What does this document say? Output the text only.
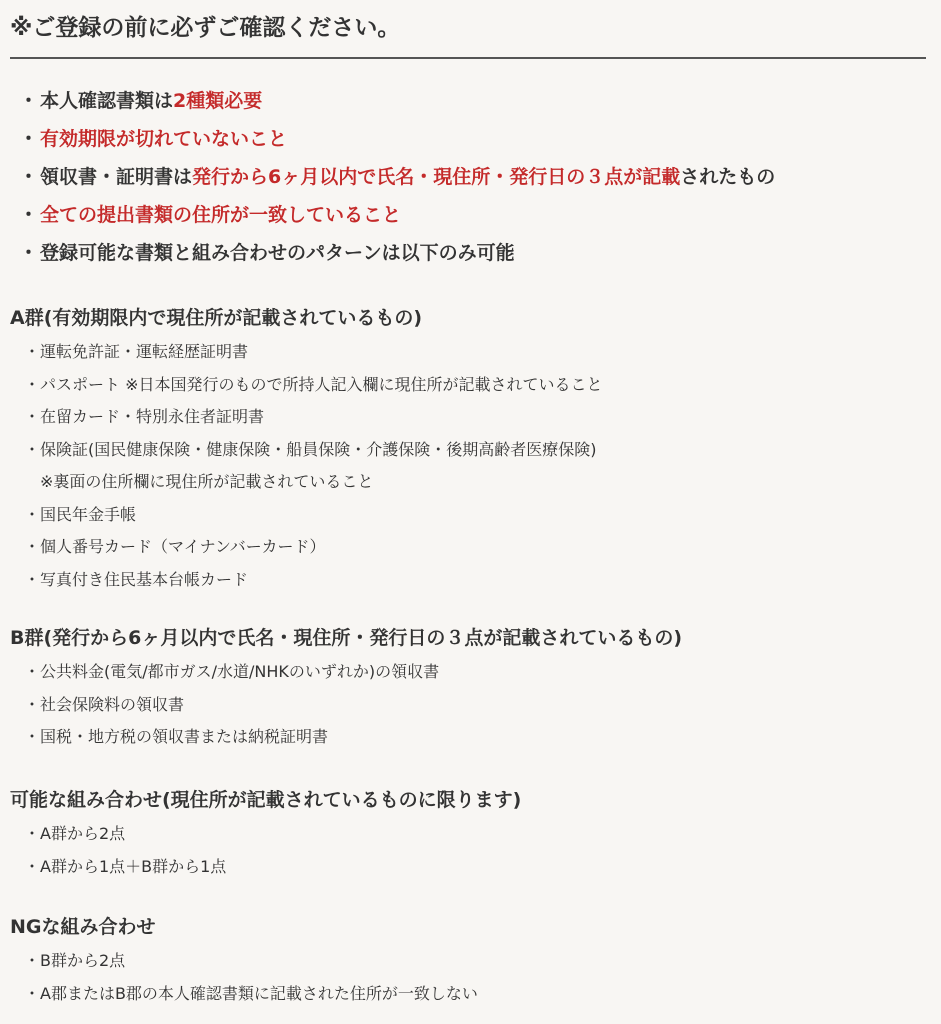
※ご登録の前に必ずご確認ください。
・ 本人確認書類は2種類必要
・ 有効期限が切れていないこと
・ 領収書・証明書は発行から6ヶ月以内で氏名・現住所・発行日の３点が記載されたもの
・ 全ての提出書類の住所が一致していること
・ 登録可能な書類と組み合わせのパターンは以下のみ可能
A群(有効期限内で現住所が記載されているもの)
・ 運転免許証・運転経歴証明書
・ パスポート ※日本国発行のもので所持人記入欄に現住所が記載されていること
・ 在留カード・特別永住者証明書
・ 保険証(国民健康保険・健康保険・船員保険・介護保険・後期高齢者医療保険)
※裏面の住所欄に現住所が記載されていること
・ 国民年金手帳
・ 個人番号カード（マイナンバーカード）
・ 写真付き住民基本台帳カード
B群(発行から6ヶ月以内で氏名・現住所・発行日の３点が記載されているもの)
・ 公共料金(電気/都市ガス/水道/NHKのいずれか)の領収書
・ 社会保険料の領収書
・ 国税・地方税の領収書または納税証明書
可能な組み合わせ(現住所が記載されているものに限ります)
・ A群から2点
・ A群から1点＋B群から1点
NGな組み合わせ
・ B群から2点
・ A郡またはB郡の本人確認書類に記載された住所が一致しない
